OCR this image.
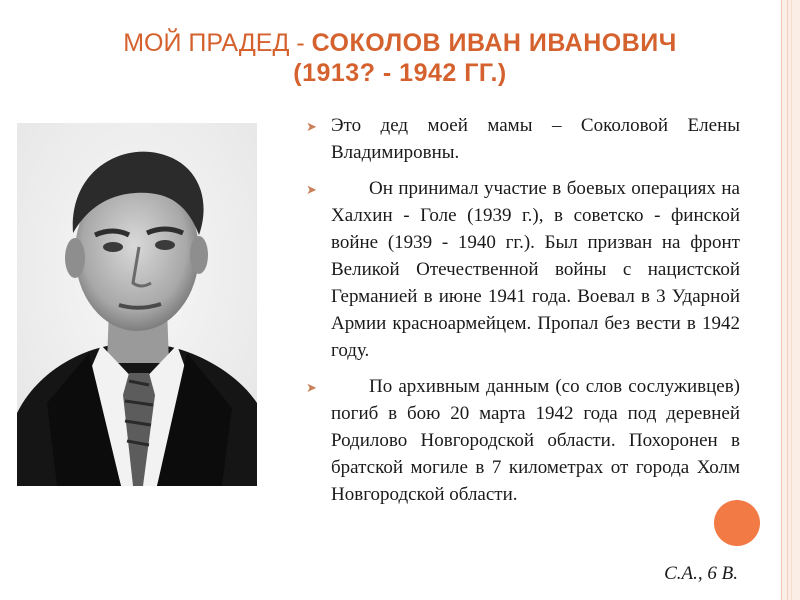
МОЙ ПРАДЕД - СОКОЛОВ ИВАН ИВАНОВИЧ
(1913? - 1942 ГГ.)

➤ Это дед моей мамы – Соколовой Елены Владимировны.

➤	Он принимал участие в боевых операциях на Халхин - Голе (1939 г.), в советско - финской войне (1939 - 1940 гг.). Был призван на фронт Великой Отечественной войны с нацистской Германией в июне 1941 года. Воевал в 3 Ударной Армии красноармейцем. Пропал без вести в 1942 году.

➤	По архивным данным (со слов сослуживцев) погиб в бою 20 марта 1942 года под деревней Родилово Новгородской области. Похоронен в братской могиле в 7 километрах от города Холм Новгородской области.

С.А., 6 В.
